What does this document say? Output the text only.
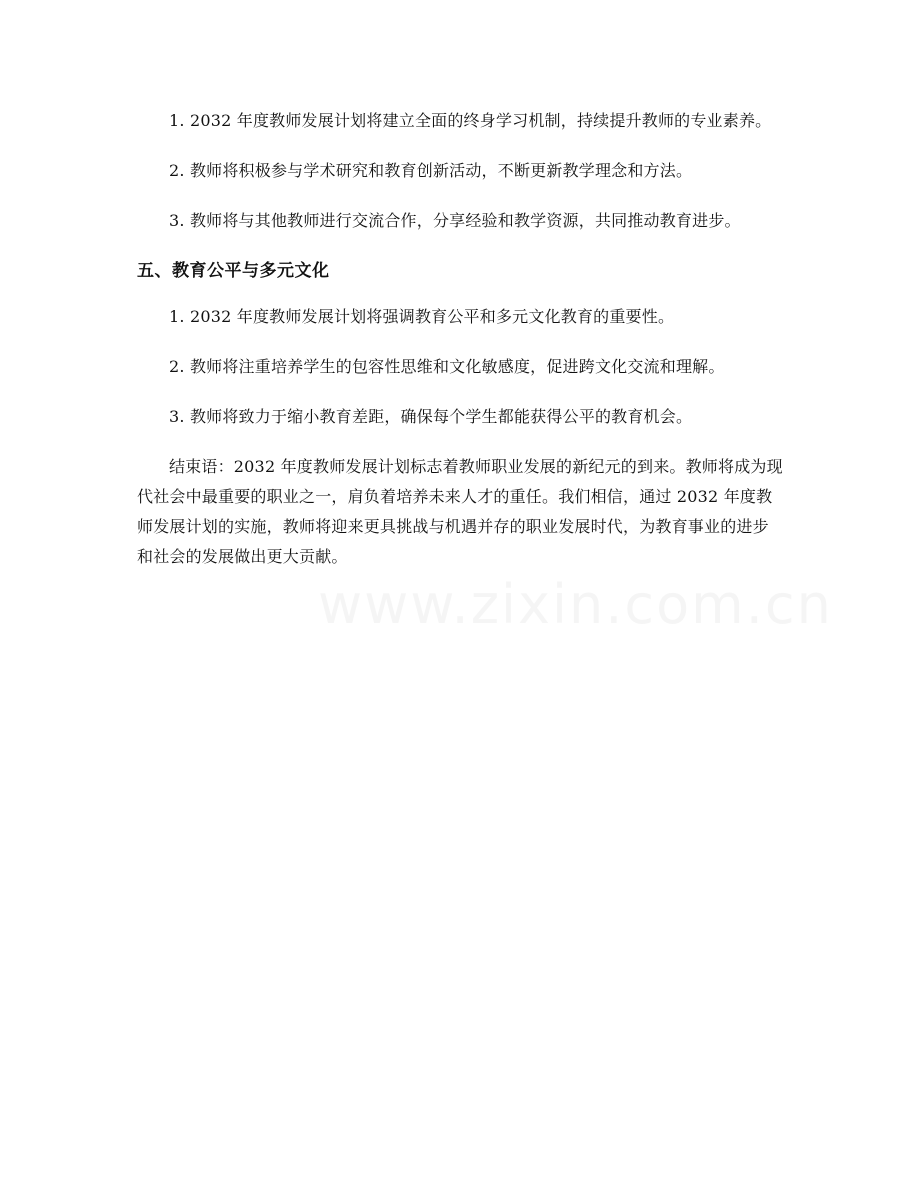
1. 2032 年度教师发展计划将建立全面的终身学习机制，持续提升教师的专业素养。

2. 教师将积极参与学术研究和教育创新活动，不断更新教学理念和方法。

3. 教师将与其他教师进行交流合作，分享经验和教学资源，共同推动教育进步。

五、教育公平与多元文化

1. 2032 年度教师发展计划将强调教育公平和多元文化教育的重要性。

2. 教师将注重培养学生的包容性思维和文化敏感度，促进跨文化交流和理解。

3. 教师将致力于缩小教育差距，确保每个学生都能获得公平的教育机会。

结束语：2032 年度教师发展计划标志着教师职业发展的新纪元的到来。教师将成为现代社会中最重要的职业之一，肩负着培养未来人才的重任。我们相信，通过 2032 年度教师发展计划的实施，教师将迎来更具挑战与机遇并存的职业发展时代，为教育事业的进步和社会的发展做出更大贡献。

www.zixin.com.cn
